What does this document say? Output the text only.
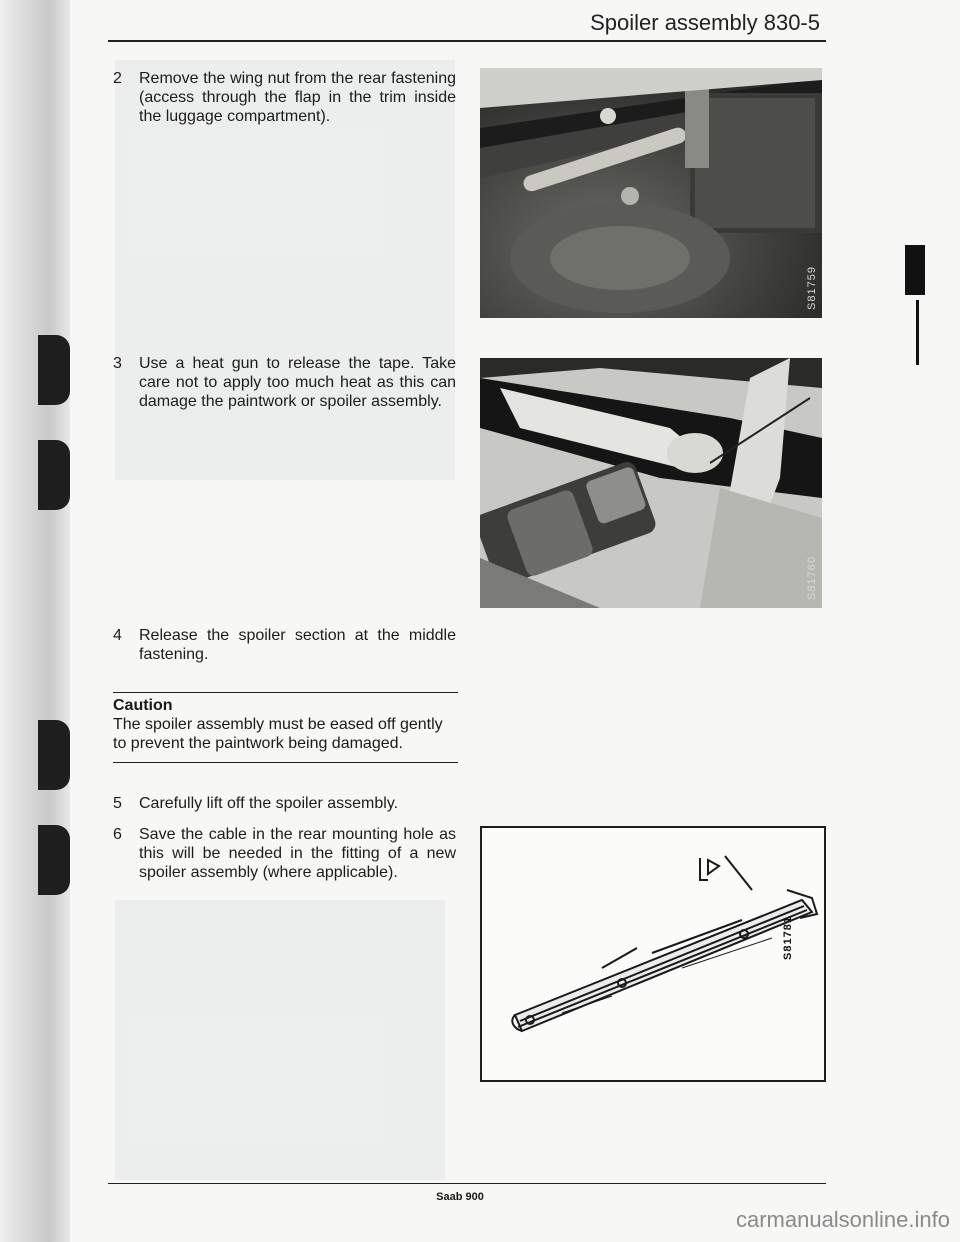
Spoiler assembly 830-5
2	Remove the wing nut from the rear fastening (access through the flap in the trim inside the luggage compartment).
3	Use a heat gun to release the tape. Take care not to apply too much heat as this can damage the paintwork or spoiler assembly.
4	Release the spoiler section at the middle fastening.
Caution
The spoiler assembly must be eased off gently to prevent the paintwork being damaged.
5	Carefully lift off the spoiler assembly.
6	Save the cable in the rear mounting hole as this will be needed in the fitting of a new spoiler assembly (where applicable).
S81759
S81760
S81781
Saab 900
carmanualsonline.info
